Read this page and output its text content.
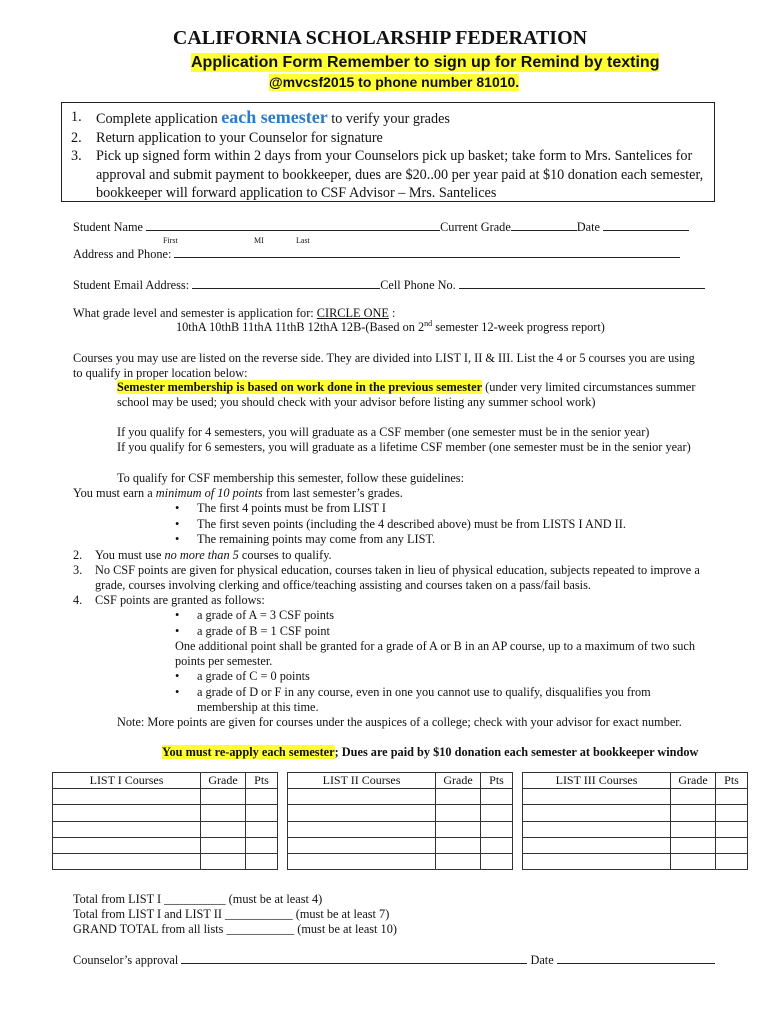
CALIFORNIA SCHOLARSHIP FEDERATION
Application Form Remember to sign up for Remind by texting
@mvcsf2015 to phone number 81010.
1. Complete application each semester to verify your grades
2. Return application to your Counselor for signature
3. Pick up signed form within 2 days from your Counselors pick up basket; take form to Mrs. Santelices for approval and submit payment to bookkeeper, dues are $20..00 per year paid at $10 donation each semester, bookkeeper will forward application to CSF Advisor – Mrs. Santelices
Student Name	Current Grade	Date
First	MI	Last
Address and Phone:
Student Email Address:	Cell Phone No.
What grade level and semester is application for: CIRCLE ONE :
10thA 10thB 11thA 11thB 12thA 12B-(Based on 2nd semester 12-week progress report)
Courses you may use are listed on the reverse side. They are divided into LIST I, II & III. List the 4 or 5 courses you are using
to qualify in proper location below:
Semester membership is based on work done in the previous semester (under very limited circumstances summer
school may be used; you should check with your advisor before listing any summer school work)
If you qualify for 4 semesters, you will graduate as a CSF member (one semester must be in the senior year)
If you qualify for 6 semesters, you will graduate as a lifetime CSF member (one semester must be in the senior year)
To qualify for CSF membership this semester, follow these guidelines:
You must earn a minimum of 10 points from last semester’s grades.
• The first 4 points must be from LIST I
• The first seven points (including the 4 described above) must be from LISTS I AND II.
• The remaining points may come from any LIST.
2. You must use no more than 5 courses to qualify.
3. No CSF points are given for physical education, courses taken in lieu of physical education, subjects repeated to improve a
grade, courses involving clerking and office/teaching assisting and courses taken on a pass/fail basis.
4. CSF points are granted as follows:
• a grade of A = 3 CSF points
• a grade of B = 1 CSF point
One additional point shall be granted for a grade of A or B in an AP course, up to a maximum of two such
points per semester.
• a grade of C = 0 points
• a grade of D or F in any course, even in one you cannot use to qualify, disqualifies you from
membership at this time.
Note: More points are given for courses under the auspices of a college; check with your advisor for exact number.
You must re-apply each semester; Dues are paid by $10 donation each semester at bookkeeper window
LIST I Courses	Grade	Pts		LIST II Courses	Grade	Pts		LIST III Courses	Grade	Pts

Total from LIST I __________ (must be at least 4)
Total from LIST I and LIST II ___________ (must be at least 7)
GRAND TOTAL from all lists ___________ (must be at least 10)
Counselor’s approval	Date
